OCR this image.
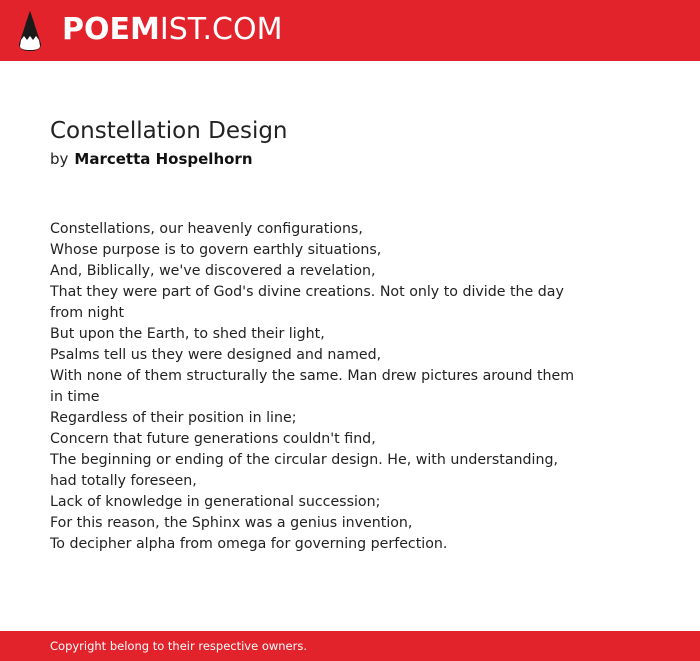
POEMIST.COM
Constellation Design
by Marcetta Hospelhorn
Constellations, our heavenly configurations,
Whose purpose is to govern earthly situations,
And, Biblically, we've discovered a revelation,
That they were part of God's divine creations. Not only to divide the day from night
But upon the Earth, to shed their light,
Psalms tell us they were designed and named,
With none of them structurally the same. Man drew pictures around them in time
Regardless of their position in line;
Concern that future generations couldn't find,
The beginning or ending of the circular design. He, with understanding, had totally foreseen,
Lack of knowledge in generational succession;
For this reason, the Sphinx was a genius invention,
To decipher alpha from omega for governing perfection.
Copyright belong to their respective owners.
